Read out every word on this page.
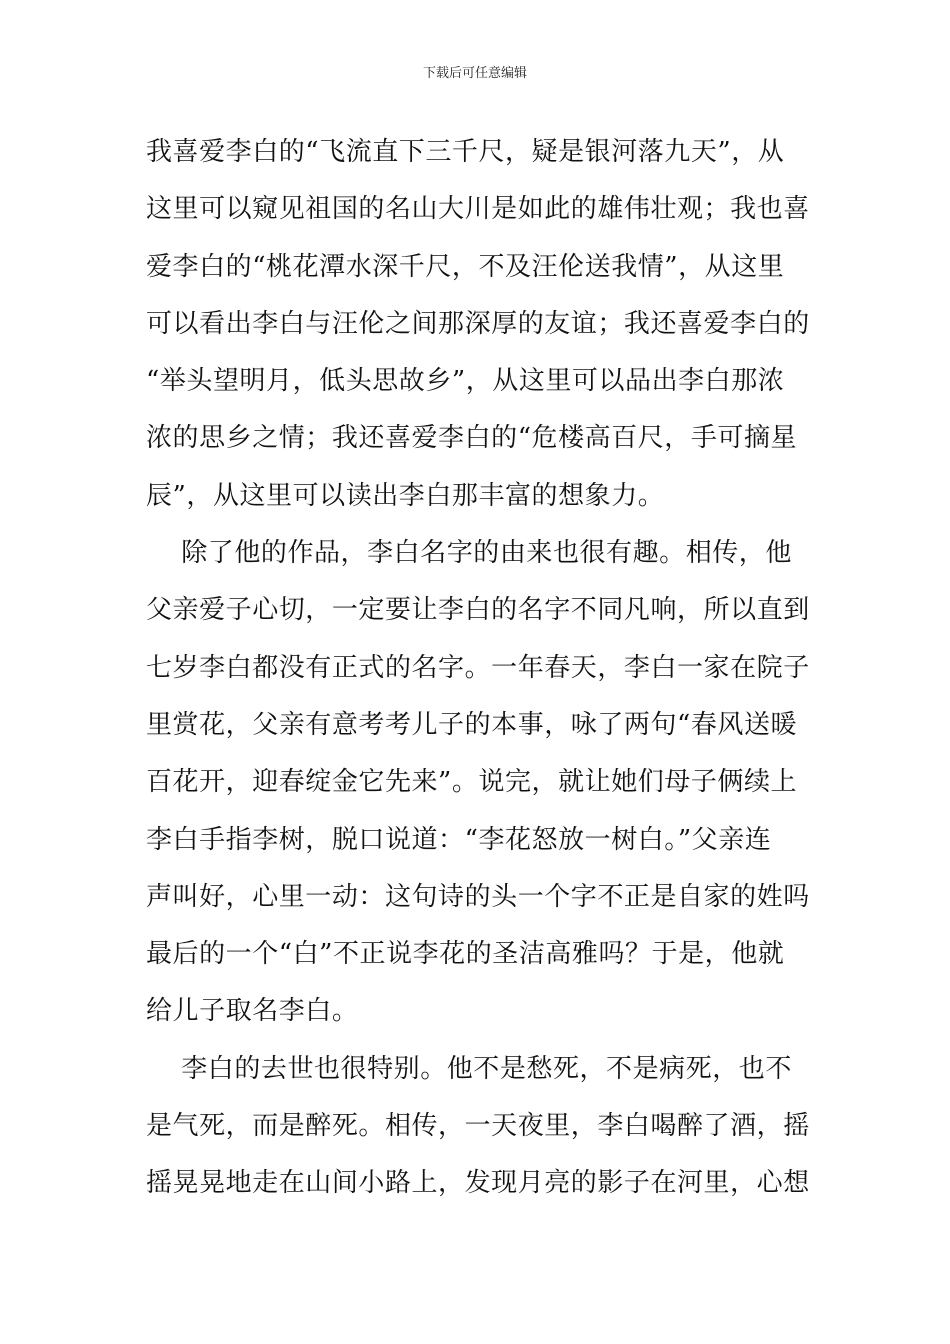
下载后可任意编辑
我喜爱李白的“飞流直下三千尺，疑是银河落九天”，从
这里可以窥见祖国的名山大川是如此的雄伟壮观；我也喜
爱李白的“桃花潭水深千尺，不及汪伦送我情”，从这里
可以看出李白与汪伦之间那深厚的友谊；我还喜爱李白的
“举头望明月，低头思故乡”，从这里可以品出李白那浓
浓的思乡之情；我还喜爱李白的“危楼高百尺，手可摘星
辰”，从这里可以读出李白那丰富的想象力。
除了他的作品，李白名字的由来也很有趣。相传，他
父亲爱子心切，一定要让李白的名字不同凡响，所以直到
七岁李白都没有正式的名字。一年春天，李白一家在院子
里赏花，父亲有意考考儿子的本事，咏了两句“春风送暖
百花开，迎春绽金它先来”。说完，就让她们母子俩续上
李白手指李树，脱口说道：“李花怒放一树白。”父亲连
声叫好，心里一动：这句诗的头一个字不正是自家的姓吗
最后的一个“白”不正说李花的圣洁高雅吗？于是，他就
给儿子取名李白。
李白的去世也很特别。他不是愁死，不是病死，也不
是气死，而是醉死。相传，一天夜里，李白喝醉了酒，摇
摇晃晃地走在山间小路上，发现月亮的影子在河里，心想
